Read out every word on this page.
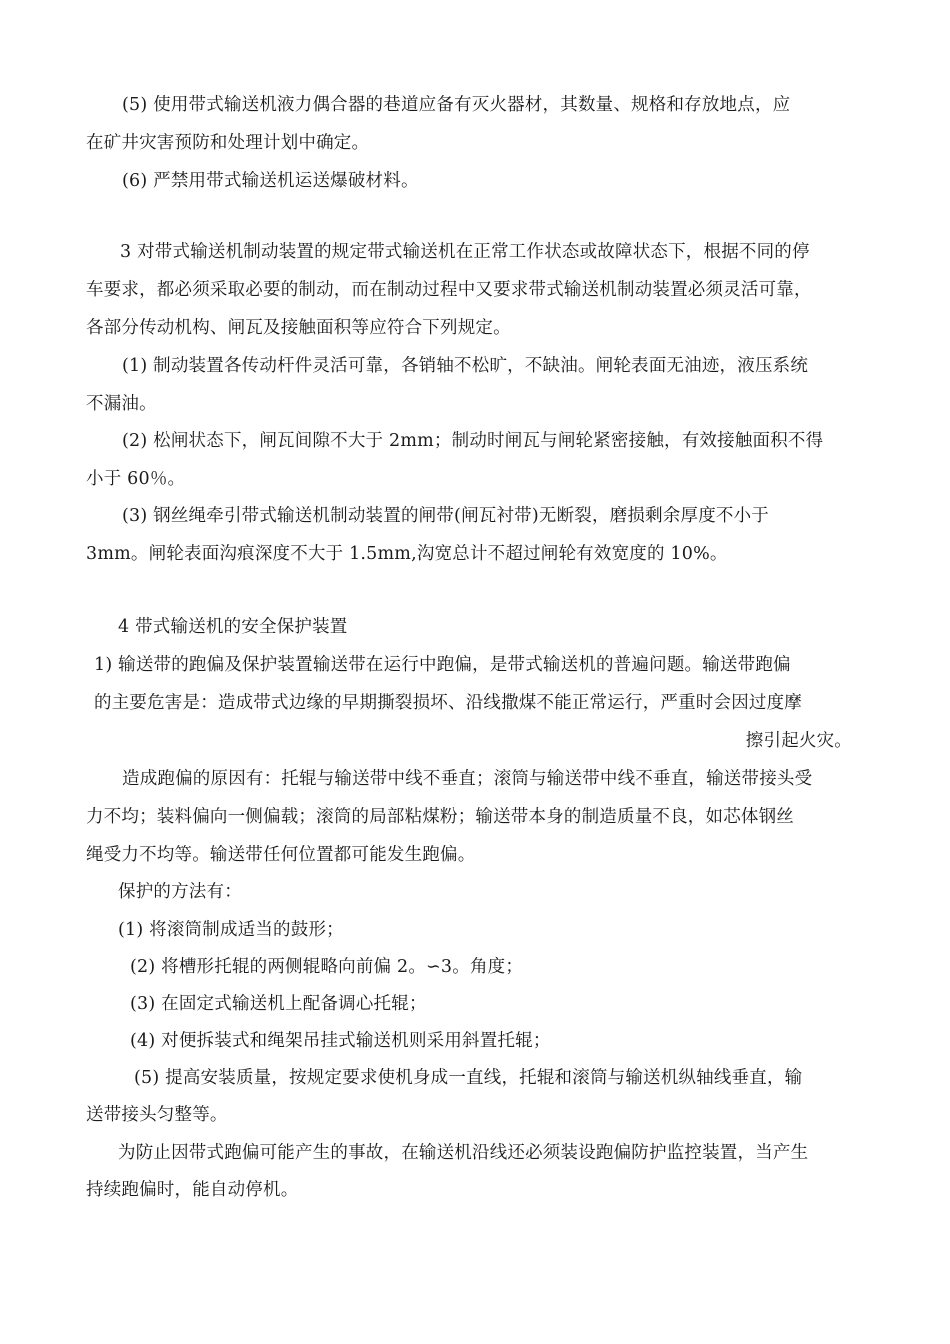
(5) 使用带式输送机液力偶合器的巷道应备有灭火器材，其数量、规格和存放地点，应
在矿井灾害预防和处理计划中确定。
(6) 严禁用带式输送机运送爆破材料。
3 对带式输送机制动装置的规定带式输送机在正常工作状态或故障状态下，根据不同的停
车要求，都必须采取必要的制动，而在制动过程中又要求带式输送机制动装置必须灵活可靠，
各部分传动机构、闸瓦及接触面积等应符合下列规定。
(1) 制动装置各传动杆件灵活可靠，各销轴不松旷，不缺油。闸轮表面无油迹，液压系统
不漏油。
(2) 松闸状态下，闸瓦间隙不大于 2mm；制动时闸瓦与闸轮紧密接触，有效接触面积不得
小于 60％。
(3) 钢丝绳牵引带式输送机制动装置的闸带(闸瓦衬带)无断裂，磨损剩余厚度不小于
3mm。闸轮表面沟痕深度不大于 1.5mm,沟宽总计不超过闸轮有效宽度的 10%。
4 带式输送机的安全保护装置
1) 输送带的跑偏及保护装置输送带在运行中跑偏，是带式输送机的普遍问题。输送带跑偏
的主要危害是：造成带式边缘的早期撕裂损坏、沿线撒煤不能正常运行，严重时会因过度摩
擦引起火灾。
造成跑偏的原因有：托辊与输送带中线不垂直；滚筒与输送带中线不垂直，输送带接头受
力不均；装料偏向一侧偏载；滚筒的局部粘煤粉；输送带本身的制造质量不良，如芯体钢丝
绳受力不均等。输送带任何位置都可能发生跑偏。
保护的方法有：
(1) 将滚筒制成适当的鼓形；
(2) 将槽形托辊的两侧辊略向前偏 2。∽3。角度；
(3) 在固定式输送机上配备调心托辊；
(4) 对便拆装式和绳架吊挂式输送机则采用斜置托辊；
(5) 提高安装质量，按规定要求使机身成一直线，托辊和滚筒与输送机纵轴线垂直，输
送带接头匀整等。
为防止因带式跑偏可能产生的事故，在输送机沿线还必须装设跑偏防护监控装置，当产生
持续跑偏时，能自动停机。
